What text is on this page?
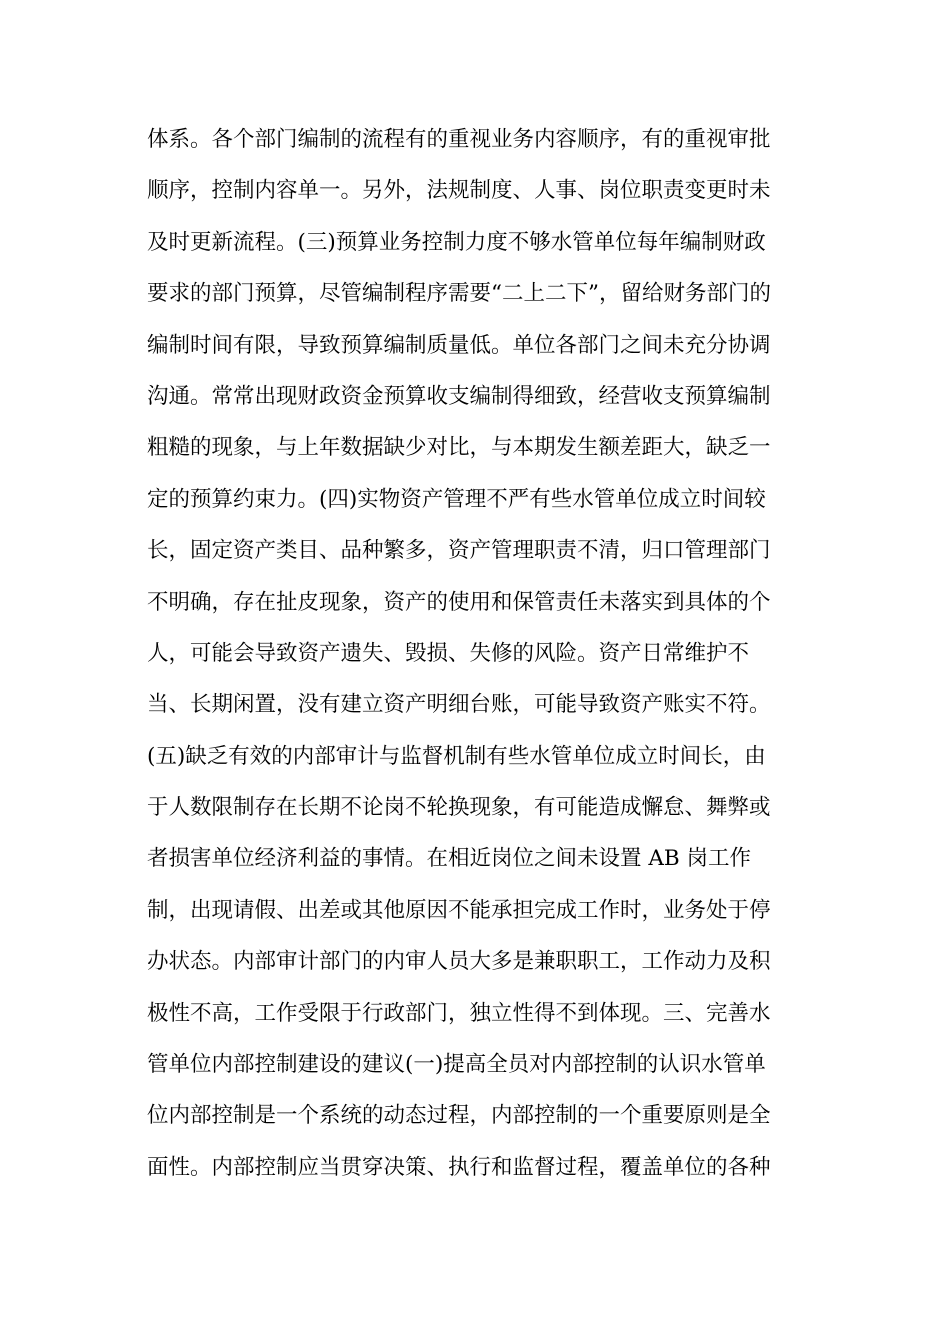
体系。各个部门编制的流程有的重视业务内容顺序，有的重视审批
顺序，控制内容单一。另外，法规制度、人事、岗位职责变更时未
及时更新流程。(三)预算业务控制力度不够水管单位每年编制财政
要求的部门预算，尽管编制程序需要“二上二下”，留给财务部门的
编制时间有限，导致预算编制质量低。单位各部门之间未充分协调
沟通。常常出现财政资金预算收支编制得细致，经营收支预算编制
粗糙的现象，与上年数据缺少对比，与本期发生额差距大，缺乏一
定的预算约束力。(四)实物资产管理不严有些水管单位成立时间较
长，固定资产类目、品种繁多，资产管理职责不清，归口管理部门
不明确，存在扯皮现象，资产的使用和保管责任未落实到具体的个
人，可能会导致资产遗失、毁损、失修的风险。资产日常维护不
当、长期闲置，没有建立资产明细台账，可能导致资产账实不符。
(五)缺乏有效的内部审计与监督机制有些水管单位成立时间长，由
于人数限制存在长期不论岗不轮换现象，有可能造成懈怠、舞弊或
者损害单位经济利益的事情。在相近岗位之间未设置 AB 岗工作
制，出现请假、出差或其他原因不能承担完成工作时，业务处于停
办状态。内部审计部门的内审人员大多是兼职职工，工作动力及积
极性不高，工作受限于行政部门，独立性得不到体现。三、完善水
管单位内部控制建设的建议(一)提高全员对内部控制的认识水管单
位内部控制是一个系统的动态过程，内部控制的一个重要原则是全
面性。内部控制应当贯穿决策、执行和监督过程，覆盖单位的各种
